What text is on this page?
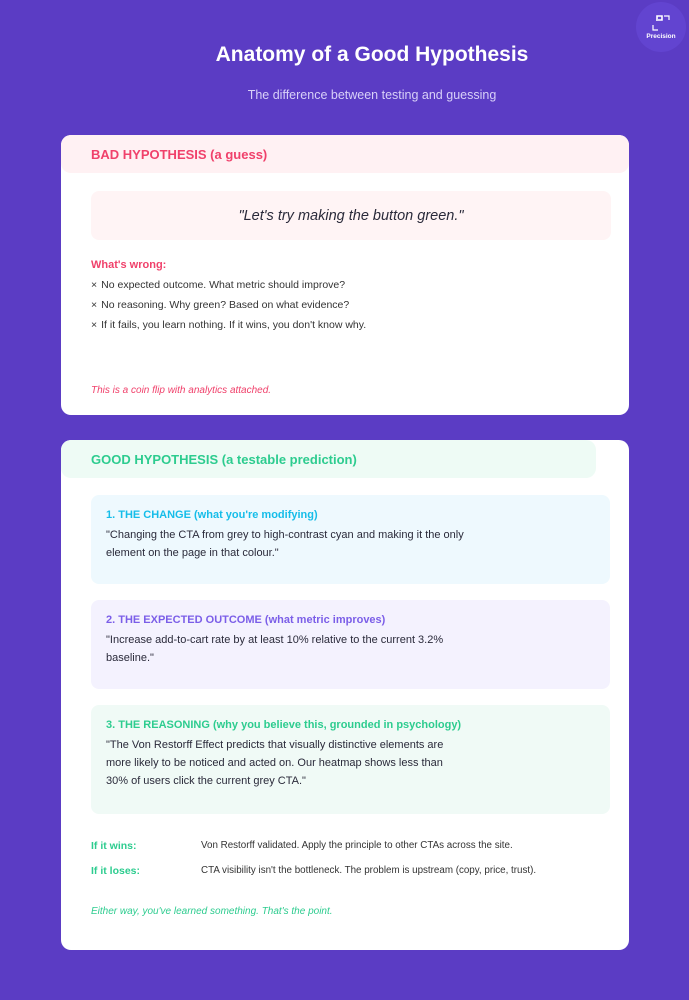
Precision
Anatomy of a Good Hypothesis
The difference between testing and guessing
BAD HYPOTHESIS (a guess)
"Let's try making the button green."
What's wrong:
× No expected outcome. What metric should improve?
× No reasoning. Why green? Based on what evidence?
× If it fails, you learn nothing. If it wins, you don't know why.
This is a coin flip with analytics attached.
GOOD HYPOTHESIS (a testable prediction)
1. THE CHANGE (what you're modifying)
"Changing the CTA from grey to high-contrast cyan and making it the only element on the page in that colour."
2. THE EXPECTED OUTCOME (what metric improves)
"Increase add-to-cart rate by at least 10% relative to the current 3.2% baseline."
3. THE REASONING (why you believe this, grounded in psychology)
"The Von Restorff Effect predicts that visually distinctive elements are more likely to be noticed and acted on. Our heatmap shows less than 30% of users click the current grey CTA."
If it wins:	Von Restorff validated. Apply the principle to other CTAs across the site.
If it loses:	CTA visibility isn't the bottleneck. The problem is upstream (copy, price, trust).
Either way, you've learned something. That's the point.
